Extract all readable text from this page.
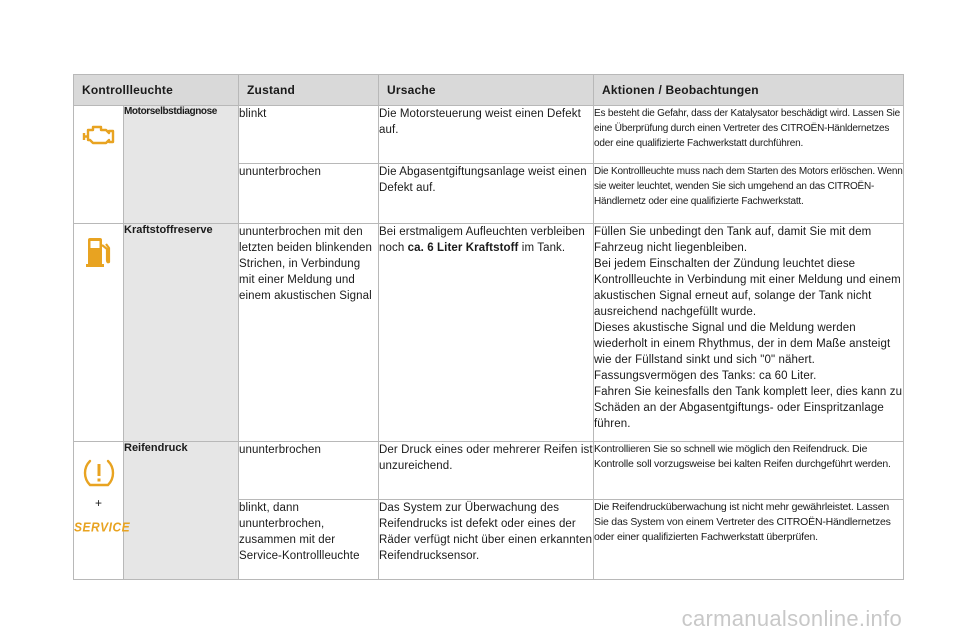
Kontrollleuchte		Zustand	Ursache	Aktionen / Beobachtungen

	Motorselbstdiagnose	blinkt	Die Motorsteuerung weist einen Defekt auf.	Es besteht die Gefahr, dass der Katalysator beschädigt wird. Lassen Sie eine Überprüfung durch einen Vertreter des CITROËN-Hänldernetzes oder eine qualifizierte Fachwerkstatt durchführen.
		ununterbrochen	Die Abgasentgiftungsanlage weist einen Defekt auf.	Die Kontrollleuchte muss nach dem Starten des Motors erlöschen. Wenn sie weiter leuchtet, wenden Sie sich umgehend an das CITROËN-Händlernetz oder eine qualifizierte Fachwerkstatt.

	Kraftstoffreserve	ununterbrochen mit den letzten beiden blinkenden Strichen, in Verbindung mit einer Meldung und einem akustischen Signal	Bei erstmaligem Aufleuchten verbleiben noch ca. 6 Liter Kraftstoff im Tank.	Füllen Sie unbedingt den Tank auf, damit Sie mit dem Fahrzeug nicht liegenbleiben.
Bei jedem Einschalten der Zündung leuchtet diese Kontrollleuchte in Verbindung mit einer Meldung und einem akustischen Signal erneut auf, solange der Tank nicht ausreichend nachgefüllt wurde.
Dieses akustische Signal und die Meldung werden wiederholt in einem Rhythmus, der in dem Maße ansteigt wie der Füllstand sinkt und sich "0" nähert.
Fassungsvermögen des Tanks: ca 60 Liter.
Fahren Sie keinesfalls den Tank komplett leer, dies kann zu Schäden an der Abgasentgiftungs- oder Einspritzanlage führen.

+
SERVICE	Reifendruck	ununterbrochen	Der Druck eines oder mehrerer Reifen ist unzureichend.	Kontrollieren Sie so schnell wie möglich den Reifendruck. Die Kontrolle soll vorzugsweise bei kalten Reifen durchgeführt werden.
		blinkt, dann ununterbrochen, zusammen mit der Service-Kontrollleuchte	Das System zur Überwachung des Reifendrucks ist defekt oder eines der Räder verfügt nicht über einen erkannten Reifendrucksensor.	Die Reifendrucküberwachung ist nicht mehr gewährleistet. Lassen Sie das System von einem Vertreter des CITROËN-Händlernetzes oder einer qualifizierten Fachwerkstatt überprüfen.
carmanualsonline.info
